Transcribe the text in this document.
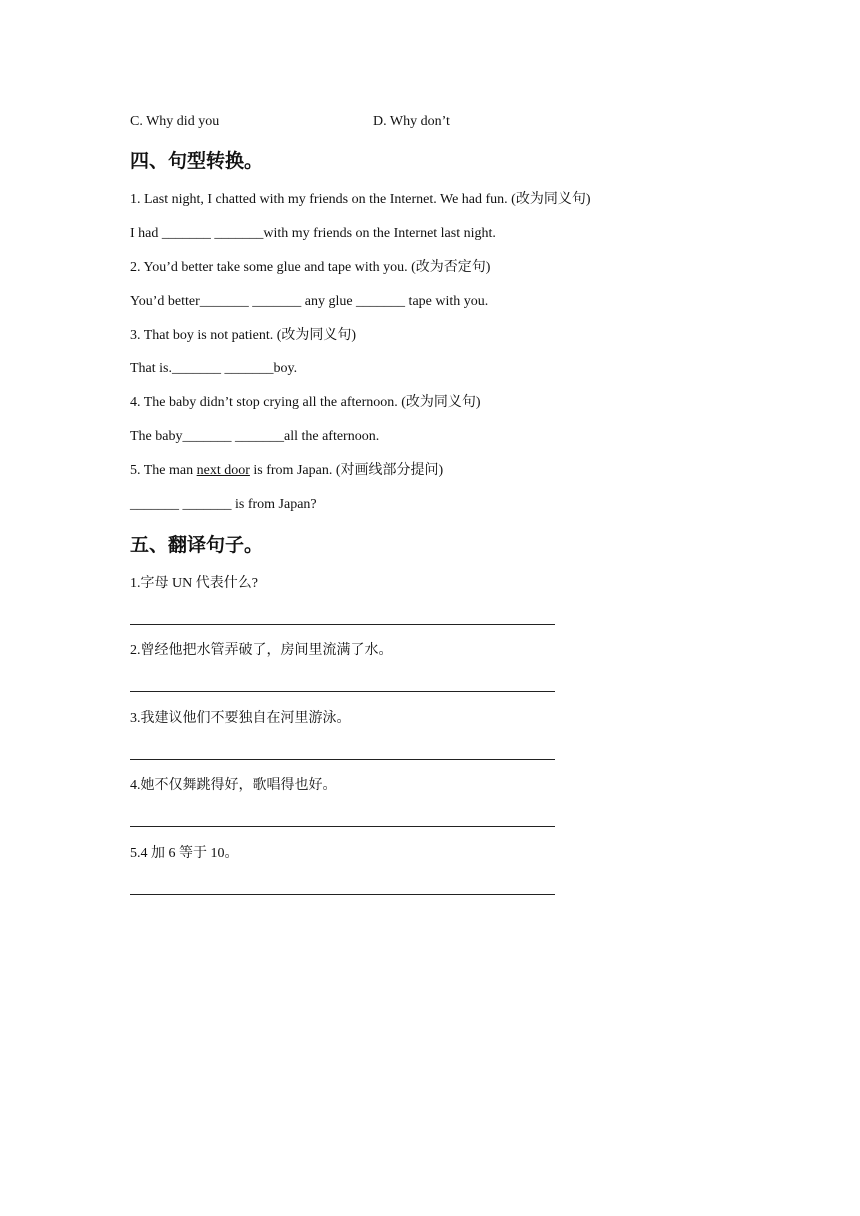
C. Why did you	D. Why don’t
四、句型转换。
1. Last night, I chatted with my friends on the Internet. We had fun. (改为同义句)
I had _______ _______with my friends on the Internet last night.
2. You’d better take some glue and tape with you. (改为否定句)
You’d better_______ _______ any glue _______ tape with you.
3. That boy is not patient. (改为同义句)
That is._______ _______boy.
4. The baby didn’t stop crying all the afternoon. (改为同义句)
The baby_______ _______all the afternoon.
5. The man next door is from Japan. (对画线部分提问)
_______ _______ is from Japan?
五、翻译句子。
1.字母 UN 代表什么?
2.曾经他把水管弄破了，房间里流满了水。
3.我建议他们不要独自在河里游泳。
4.她不仅舞跳得好，歌唱得也好。
5.4 加 6 等于 10。
